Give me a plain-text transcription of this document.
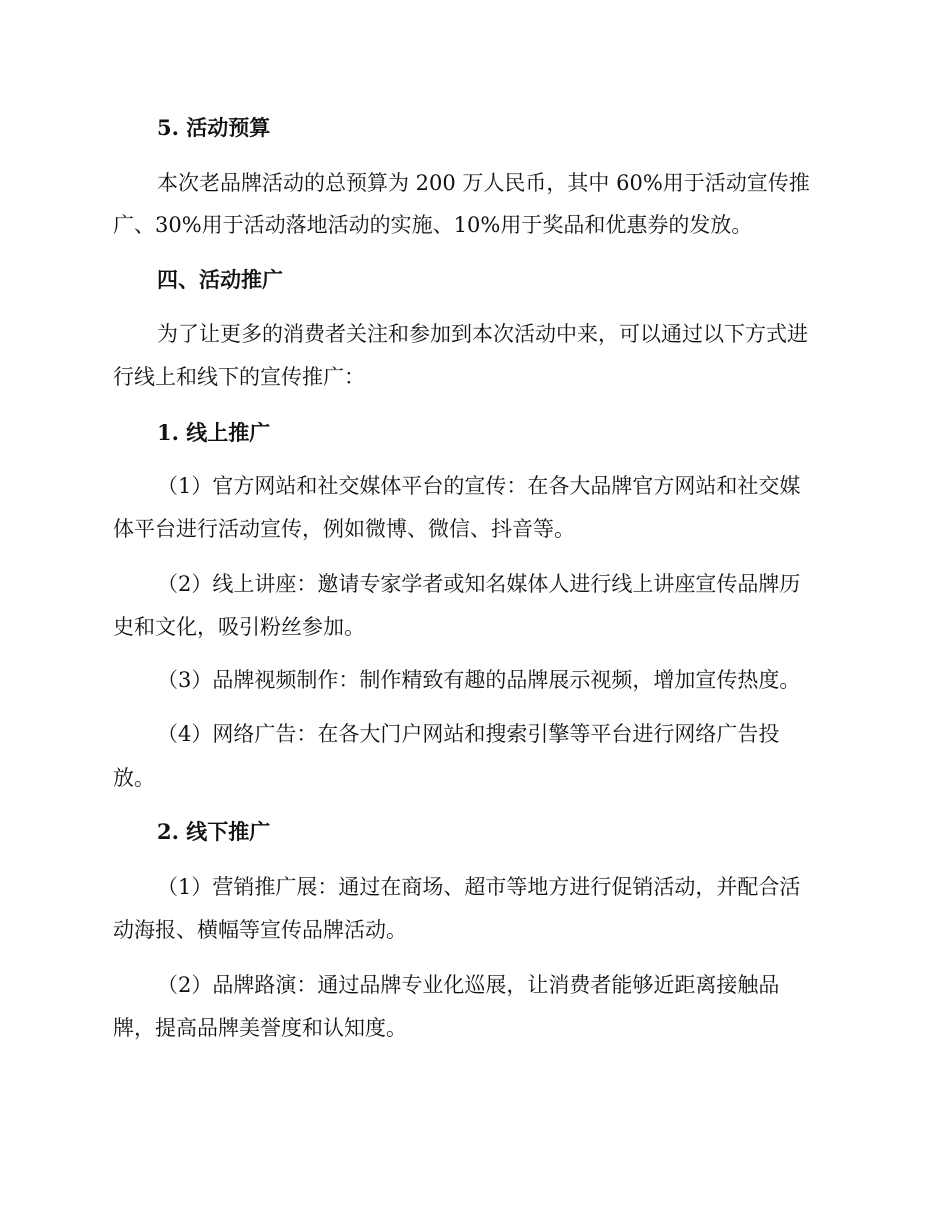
5. 活动预算
本次老品牌活动的总预算为 200 万人民币，其中 60%用于活动宣传推
广、30%用于活动落地活动的实施、10%用于奖品和优惠券的发放。
四、活动推广
为了让更多的消费者关注和参加到本次活动中来，可以通过以下方式进
行线上和线下的宣传推广：
1. 线上推广
（1）官方网站和社交媒体平台的宣传：在各大品牌官方网站和社交媒
体平台进行活动宣传，例如微博、微信、抖音等。
（2）线上讲座：邀请专家学者或知名媒体人进行线上讲座宣传品牌历
史和文化，吸引粉丝参加。
（3）品牌视频制作：制作精致有趣的品牌展示视频，增加宣传热度。
（4）网络广告：在各大门户网站和搜索引擎等平台进行网络广告投
放。
2. 线下推广
（1）营销推广展：通过在商场、超市等地方进行促销活动，并配合活
动海报、横幅等宣传品牌活动。
（2）品牌路演：通过品牌专业化巡展，让消费者能够近距离接触品
牌，提高品牌美誉度和认知度。
